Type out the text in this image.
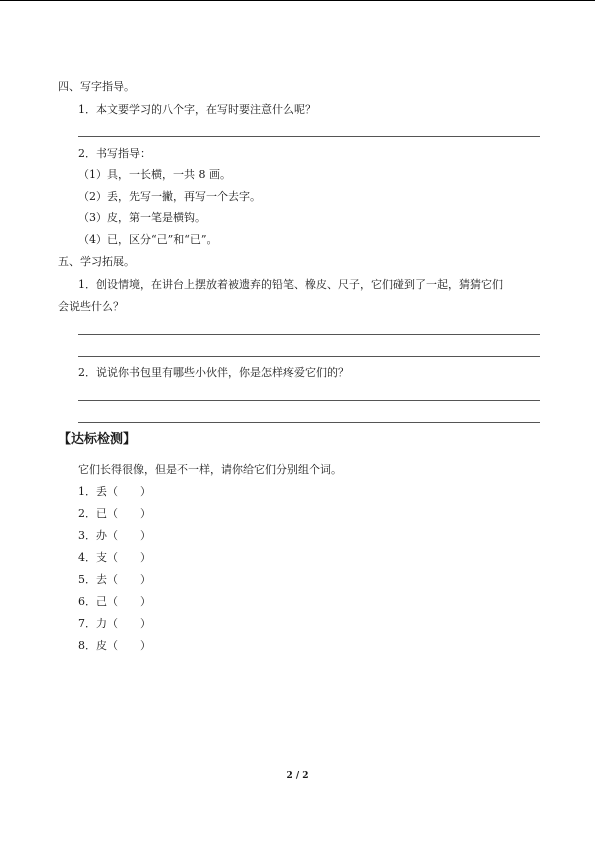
四、写字指导。
1．本文要学习的八个字，在写时要注意什么呢？
2．书写指导：
（1）具，一长横，一共 8 画。
（2）丢，先写一撇，再写一个去字。
（3）皮，第一笔是横钩。
（4）已，区分“己”和“已”。
五、学习拓展。
1．创设情境，在讲台上摆放着被遗弃的铅笔、橡皮、尺子，它们碰到了一起，猜猜它们
会说些什么？
2．说说你书包里有哪些小伙伴，你是怎样疼爱它们的？
【达标检测】
它们长得很像，但是不一样，请你给它们分别组个词。
1．丢（　　）
2．已（　　）
3．办（　　）
4．支（　　）
5．去（　　）
6．己（　　）
7．力（　　）
8．皮（　　）
2 / 2
